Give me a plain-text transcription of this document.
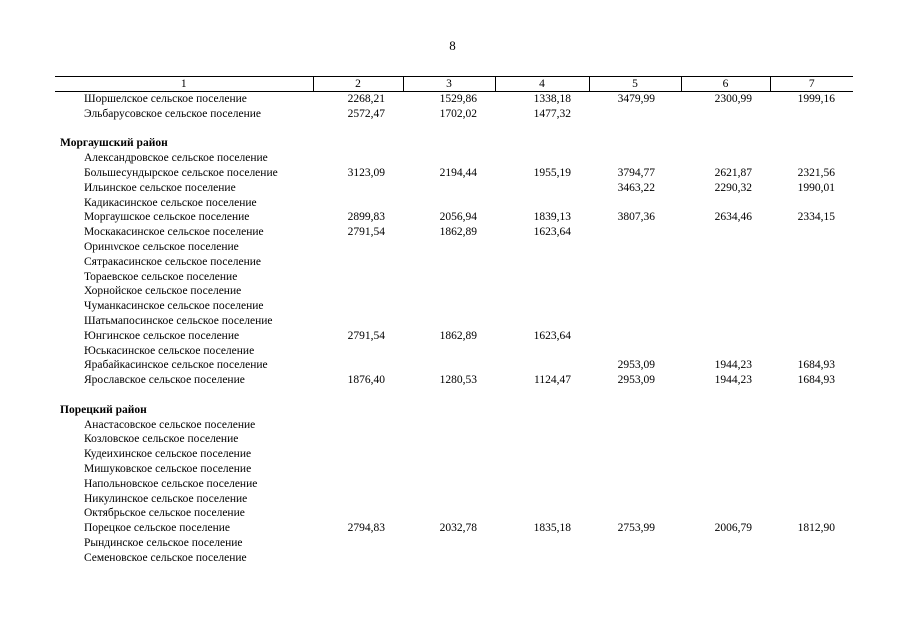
8
1	2	3	4	5	6	7
Шоршелское сельское поселение	2268,21	1529,86	1338,18	3479,99	2300,99	1999,16
Эльбарусовское сельское поселение	2572,47	1702,02	1477,32			

Моргаушский район						
Александровское сельское поселение						
Большесундырское сельское поселение	3123,09	2194,44	1955,19	3794,77	2621,87	2321,56
Ильинское сельское поселение				3463,22	2290,32	1990,01
Кадикасинское сельское поселение						
Моргаушское сельское поселение	2899,83	2056,94	1839,13	3807,36	2634,46	2334,15
Москакасинское сельское поселение	2791,54	1862,89	1623,64			
Оринινское сельское поселение						
Сятракасинское сельское поселение						
Тораевское сельское поселение						
Хорнойское сельское поселение						
Чуманкасинское сельское поселение						
Шатьмапосинское сельское поселение						
Юнгинское сельское поселение	2791,54	1862,89	1623,64			
Юськасинское сельское поселение						
Ярабайкасинское сельское поселение				2953,09	1944,23	1684,93
Ярославское сельское поселение	1876,40	1280,53	1124,47	2953,09	1944,23	1684,93

Порецкий район						
Анастасовское сельское поселение						
Козловское сельское поселение						
Кудеихинское сельское поселение						
Мишуковское сельское поселение						
Напольновское сельское поселение						
Никулинское сельское поселение						
Октябрьское сельское поселение						
Порецкое сельское поселение	2794,83	2032,78	1835,18	2753,99	2006,79	1812,90
Рындинское сельское поселение						
Семеновское сельское поселение						
